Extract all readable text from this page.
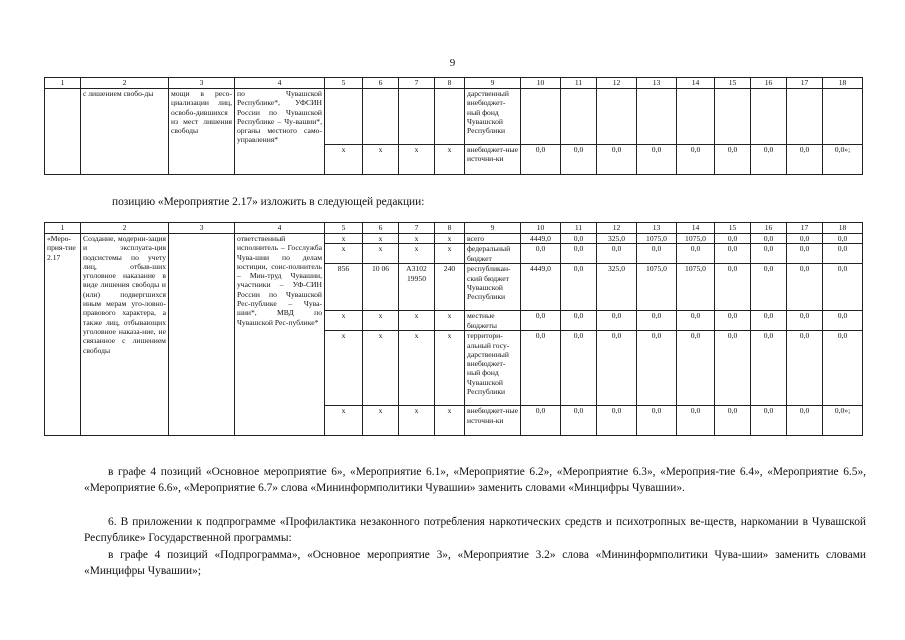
9
1	2	3	4	5	6	7	8	9	10	11	12	13	14	15	16	17	18
	с лишением свобо-ды	мощи в ресо-циализации лиц, освобо-дившихся из мест лишения свободы	по Чувашской Республике*, УФСИН России по Чувашской Республике – Чу-вашии*, органы местного само-управления*					дарственный внебюджет-ный фонд Чувашской Республики									
				x	x	x	x	внебюджет-ные источни-ки	0,0	0,0	0,0	0,0	0,0	0,0	0,0	0,0	0,0»;
позицию «Мероприятие 2.17» изложить в следующей редакции:
1	2	3	4	5	6	7	8	9	10	11	12	13	14	15	16	17	18
«Меро-прия-тие 2.17	Создание, модерни-зация и эксплуата-ция подсистемы по учету лиц, отбыв-ших уголовное наказание в виде лишения свободы и (или) подвергшихся иным мерам уго-ловно-правового характера, а также лиц, отбывающих уголовное наказа-ние, не связанное с лишением свободы		ответственный исполнитель – Госслужба Чува-шии по делам юстиции, соис-полнитель – Мин-труд Чувашии, участники – УФ-СИН России по Чувашской Рес-публике – Чува-шии*, МВД по Чувашской Рес-публике*	x	x	x	x	всего	4449,0	0,0	325,0	1075,0	1075,0	0,0	0,0	0,0	0,0
				x	x	x	x	федеральный бюджет	0,0	0,0	0,0	0,0	0,0	0,0	0,0	0,0	0,0
				856	10 06	А3102 19950	240	республикан-ский бюджет Чувашской Республики	4449,0	0,0	325,0	1075,0	1075,0	0,0	0,0	0,0	0,0
				x	x	x	x	местные бюджеты	0,0	0,0	0,0	0,0	0,0	0,0	0,0	0,0	0,0
				x	x	x	x	территори-альный госу-дарственный внебюджет-ный фонд Чувашской Республики	0,0	0,0	0,0	0,0	0,0	0,0	0,0	0,0	0,0
				x	x	x	x	внебюджет-ные источни-ки	0,0	0,0	0,0	0,0	0,0	0,0	0,0	0,0	0,0»;
в графе 4 позиций «Основное мероприятие 6», «Мероприятие 6.1», «Мероприятие 6.2», «Мероприятие 6.3», «Мероприя-тие 6.4», «Мероприятие 6.5», «Мероприятие 6.6», «Мероприятие 6.7» слова «Мининформполитики Чувашии» заменить словами «Минцифры Чувашии».
6. В приложении к подпрограмме «Профилактика незаконного потребления наркотических средств и психотропных ве-ществ, наркомании в Чувашской Республике» Государственной программы:
в графе 4 позиций «Подпрограмма», «Основное мероприятие 3», «Мероприятие 3.2» слова «Мининформполитики Чува-шии» заменить словами «Минцифры Чувашии»;
